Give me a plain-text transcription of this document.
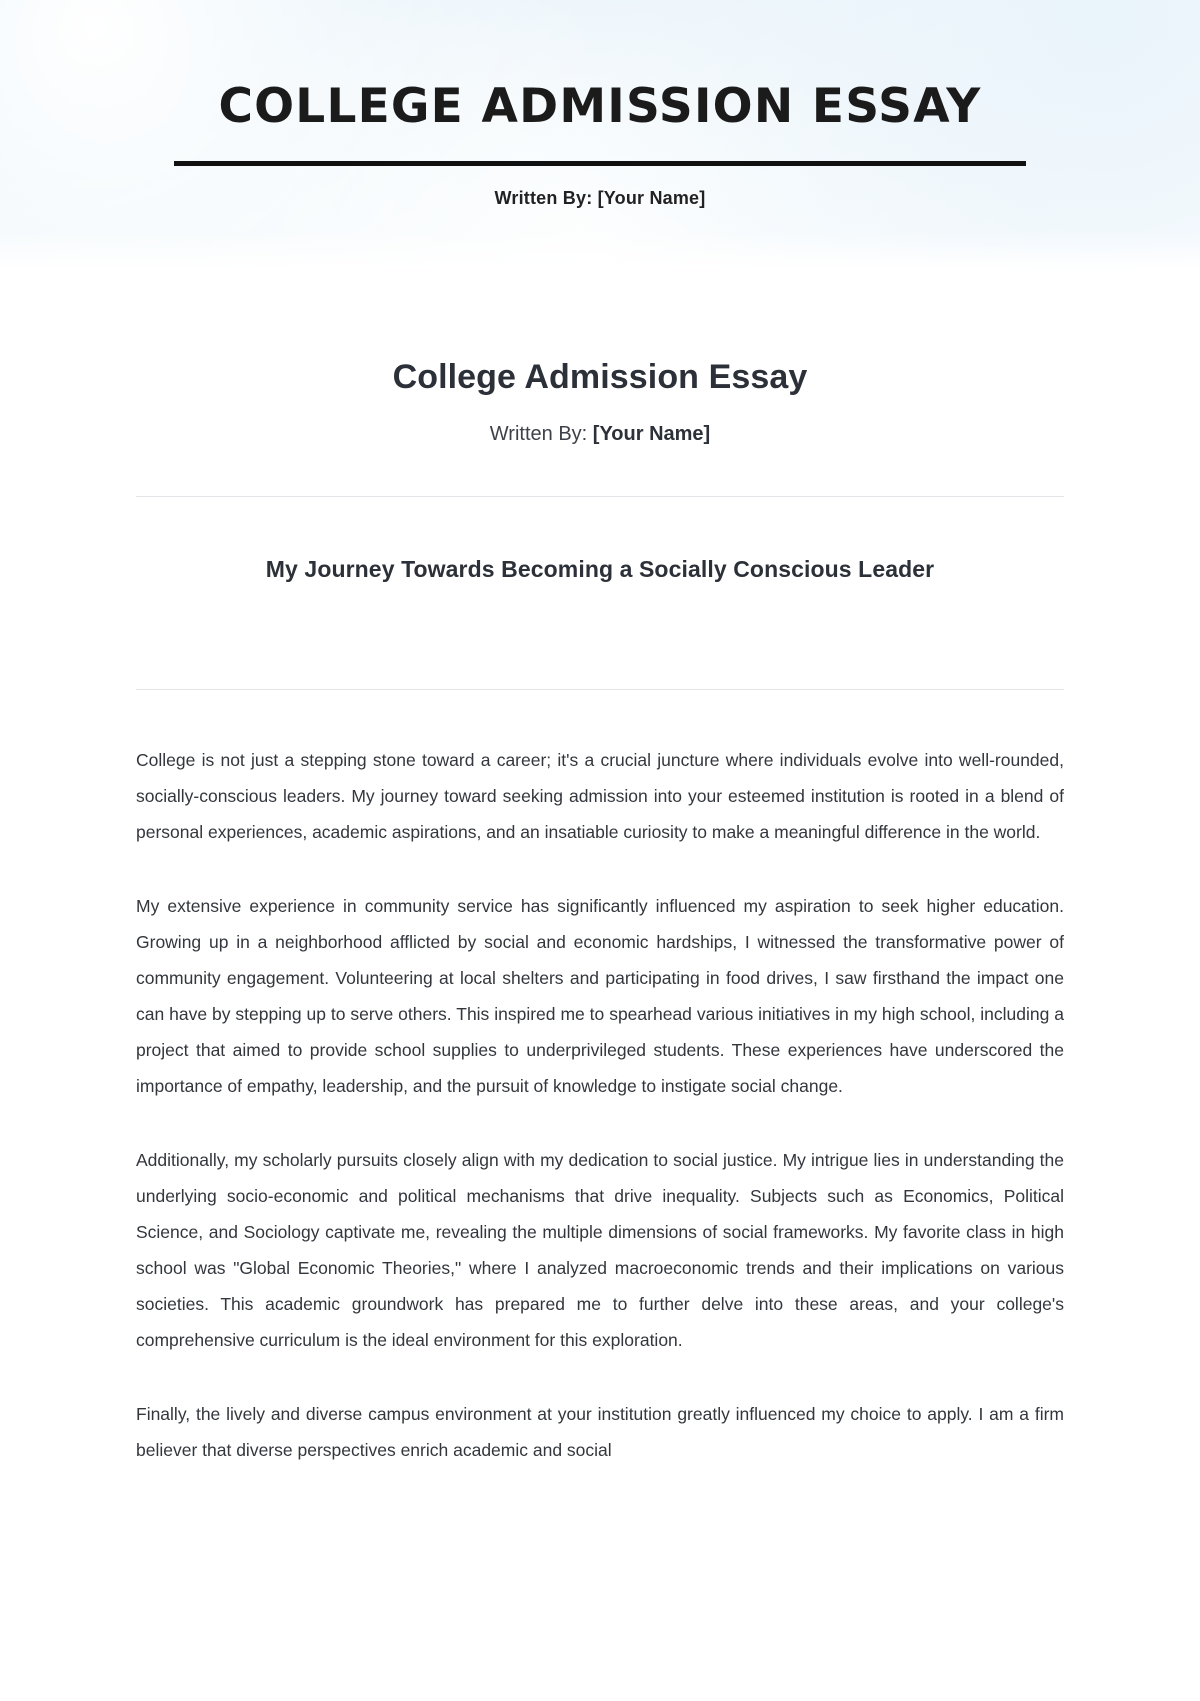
COLLEGE ADMISSION ESSAY
Written By: [Your Name]
College Admission Essay
Written By: [Your Name]
My Journey Towards Becoming a Socially Conscious Leader

College is not just a stepping stone toward a career; it's a crucial juncture where individuals evolve into well-rounded, socially-conscious leaders. My journey toward seeking admission into your esteemed institution is rooted in a blend of personal experiences, academic aspirations, and an insatiable curiosity to make a meaningful difference in the world.

My extensive experience in community service has significantly influenced my aspiration to seek higher education. Growing up in a neighborhood afflicted by social and economic hardships, I witnessed the transformative power of community engagement. Volunteering at local shelters and participating in food drives, I saw firsthand the impact one can have by stepping up to serve others. This inspired me to spearhead various initiatives in my high school, including a project that aimed to provide school supplies to underprivileged students. These experiences have underscored the importance of empathy, leadership, and the pursuit of knowledge to instigate social change.

Additionally, my scholarly pursuits closely align with my dedication to social justice. My intrigue lies in understanding the underlying socio-economic and political mechanisms that drive inequality. Subjects such as Economics, Political Science, and Sociology captivate me, revealing the multiple dimensions of social frameworks. My favorite class in high school was "Global Economic Theories," where I analyzed macroeconomic trends and their implications on various societies. This academic groundwork has prepared me to further delve into these areas, and your college's comprehensive curriculum is the ideal environment for this exploration.

Finally, the lively and diverse campus environment at your institution greatly influenced my choice to apply. I am a firm believer that diverse perspectives enrich academic and social
